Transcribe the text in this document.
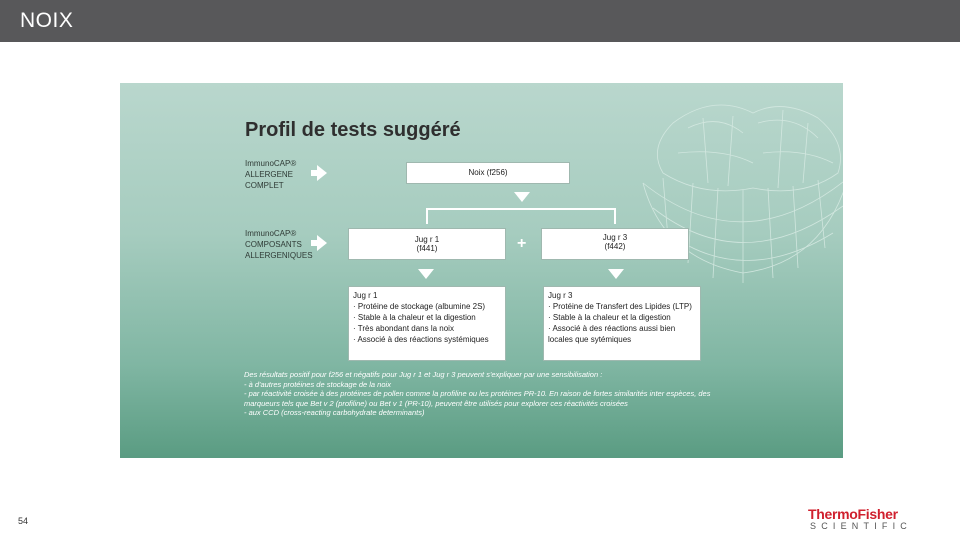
NOIX
Profil de tests suggéré
ImmunoCAP®
ALLERGENE
COMPLET
ImmunoCAP®
COMPOSANTS
ALLERGENIQUES
Noix (f256)
Jug r 1
(f441)	+	Jug r 3
(f442)
Jug r 1
· Protéine de stockage (albumine 2S)
· Stable à la chaleur et la digestion
· Très abondant dans la noix
· Associé à des réactions systémiques
Jug r 3
· Protéine de Transfert des Lipides (LTP)
· Stable à la chaleur et la digestion
· Associé à des réactions aussi bien locales que sytémiques
Des résultats positif pour f256 et négatifs pour Jug r 1 et Jug r 3 peuvent s'expliquer par une sensibilisation :
- à d'autres protéines de stockage de la noix
- par réactivité croisée à des protéines de pollen comme la profiline ou les protéines PR-10. En raison de fortes similarités inter espèces, des marqueurs tels que Bet v 2 (profiline) ou Bet v 1 (PR-10), peuvent être utilisés pour explorer ces réactivités croisées
- aux CCD (cross-reacting carbohydrate determinants)
54	ThermoFisher
SCIENTIFIC
